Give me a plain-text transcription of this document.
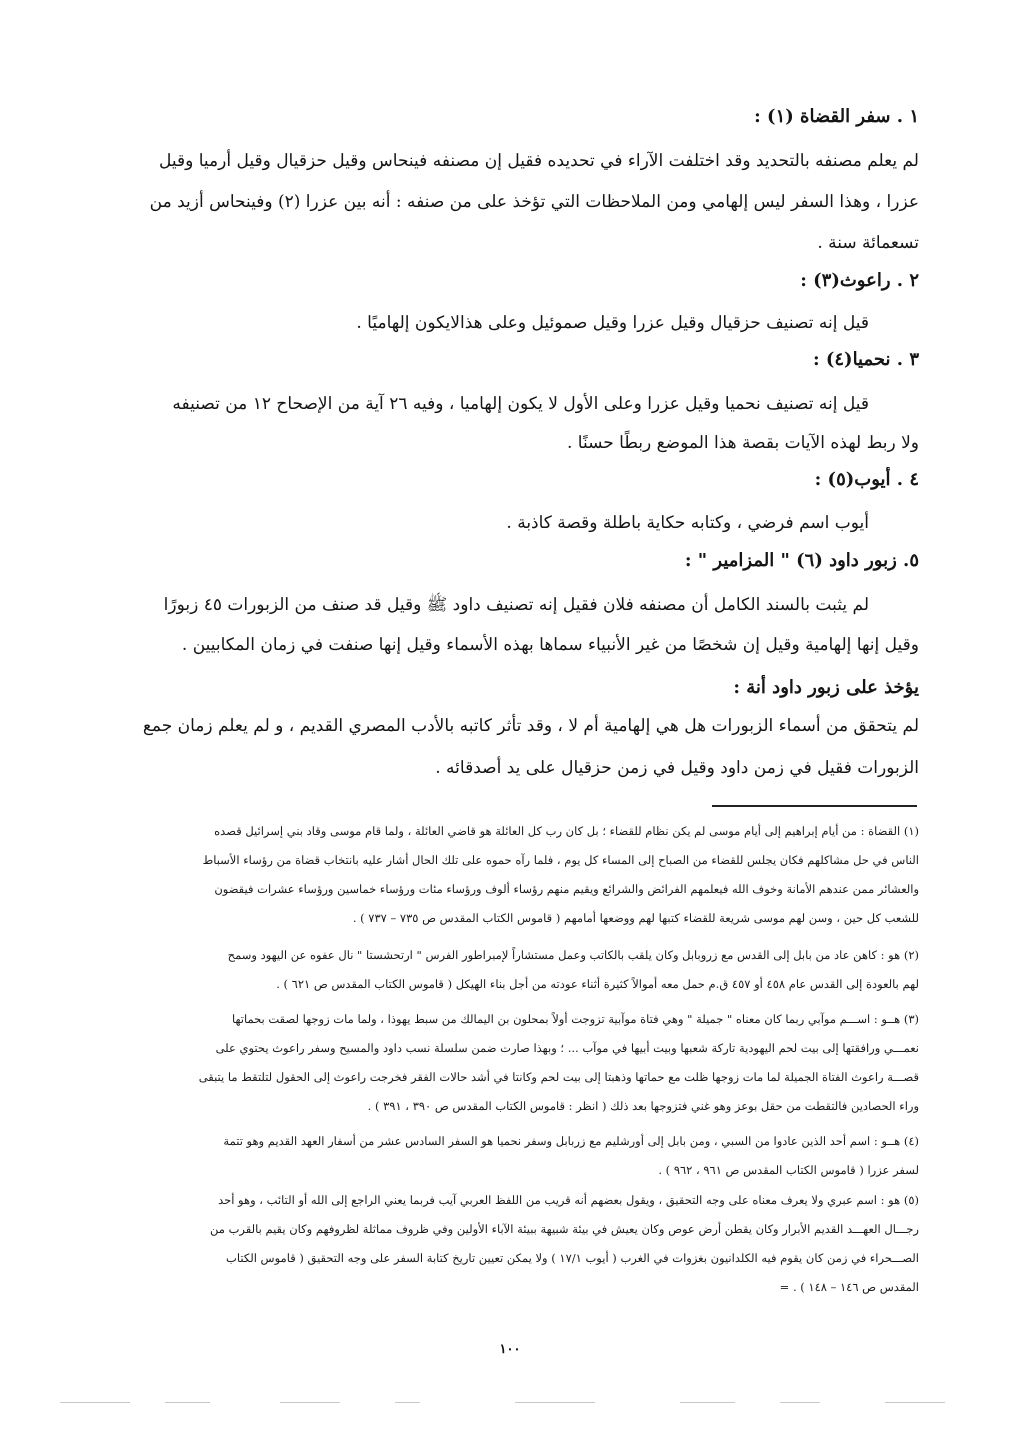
١ . سفر القضاة (١) :
لم يعلم مصنفه بالتحديد وقد اختلفت الآراء في تحديده فقيل إن مصنفه فينحاس وقيل حزقيال وقيل أرميا وقيل
عزرا ، وهذا السفر ليس إلهامي ومن الملاحظات التي تؤخذ على من صنفه : أنه بين عزرا (٢) وفينحاس أزيد من
تسعمائة سنة .
٢ . راعوث(٣) :
قيل إنه تصنيف حزقيال وقيل عزرا وقيل صموئيل وعلى هذالايكون إلهاميًا .
٣ . نحميا(٤) :
قيل إنه تصنيف نحميا وقيل عزرا وعلى الأول لا يكون إلهاميا ، وفيه ٢٦ آية من الإصحاح ١٢ من تصنيفه
ولا ربط لهذه الآيات بقصة هذا الموضع ربطًا حسنًا .
٤ . أيوب(٥) :
أيوب اسم فرضي ، وكتابه حكاية باطلة وقصة كاذبة .
٥. زبور داود (٦) " المزامير " :
لم يثبت بالسند الكامل أن مصنفه فلان فقيل إنه تصنيف داود ﷺ وقيل قد صنف من الزبورات ٤٥ زبورًا
وقيل إنها إلهامية وقيل إن شخصًا من غير الأنبياء سماها بهذه الأسماء وقيل إنها صنفت في زمان المكابيين .
يؤخذ على زبور داود أنة :
لم يتحقق من أسماء الزبورات هل هي إلهامية أم لا ، وقد تأثر كاتبه بالأدب المصري القديم ، و لم يعلم زمان جمع
الزبورات فقيل في زمن داود وقيل في زمن حزقيال على يد أصدقائه .
(١) القضاة : من أيام إبراهيم إلى أيام موسى لم يكن نظام للقضاء ؛ بل كان رب كل العائلة هو قاضي العائلة ، ولما قام موسى وقاد بني إسرائيل قصده
الناس في حل مشاكلهم فكان يجلس للقضاء من الصباح إلى المساء كل يوم ، فلما رآه حموه على تلك الحال أشار عليه بانتخاب قضاة من رؤساء الأسباط
والعشائر ممن عندهم الأمانة وخوف الله فيعلمهم الفرائض والشرائع ويقيم منهم رؤساء ألوف ورؤساء مئات ورؤساء خماسين ورؤساء عشرات فيقضون
للشعب كل حين ، وسن لهم موسى شريعة للقضاء كتبها لهم ووضعها أمامهم ( قاموس الكتاب المقدس ص ٧٣٥ – ٧٣٧ ) .
(٢) هو : كاهن عاد من بابل إلى القدس مع زروبابل وكان يلقب بالكاتب وعمل مستشاراً لإمبراطور الفرس " ارتحشستا " نال عفوه عن اليهود وسمح
لهم بالعودة إلى القدس عام ٤٥٨ أو ٤٥٧ ق.م حمل معه أموالاً كثيرة أثناء عودته من أجل بناء الهيكل ( قاموس الكتاب المقدس ص ٦٢١ ) .
(٣) هــو : اســـم موآبي ربما كان معناه " جميلة " وهي فتاة موآبية تزوجت أولاً بمحلون بن اليمالك من سبط يهوذا ، ولما مات زوجها لصقت بحماتها
نعمـــي ورافقتها إلى بيت لحم اليهودية تاركة شعبها وبيت أبيها في موآب ... ؛ وبهذا صارت ضمن سلسلة نسب داود والمسيح وسفر راعوث يحتوي على
قصـــة راعوث الفتاة الجميلة لما مات زوجها ظلت مع حماتها وذهبتا إلى بيت لحم وكانتا في أشد حالات الفقر فخرجت راعوث إلى الحقول لتلتقط ما يتبقى
وراء الحصادين فالتقطت من حقل بوعز وهو غني فتزوجها بعد ذلك ( انظر : قاموس الكتاب المقدس ص ٣٩٠ ، ٣٩١ ) .
(٤) هــو : اسم أحد الذين عادوا من السبي ، ومن بابل إلى أورشليم مع زربابل وسفر نحميا هو السفر السادس عشر من أسفار العهد القديم وهو تتمة
لسفر عزرا ( قاموس الكتاب المقدس ص ٩٦١ ، ٩٦٢ ) .
(٥) هو : اسم عبري ولا يعرف معناه على وجه التحقيق ، ويقول بعضهم أنه قريب من اللفظ العربي آيب فربما يعني الراجع إلى الله أو التائب ، وهو أحد
رجـــال العهـــد القديم الأبرار وكان يقطن أرض عوص وكان يعيش في بيئة شبيهة ببيئة الآباء الأولين وفي ظروف مماثلة لظروفهم وكان يقيم بالقرب من
الصـــحراء في زمن كان يقوم فيه الكلدانيون بغزوات في الغرب ( أيوب ١٧/١ ) ولا يمكن تعيين تاريخ كتابة السفر على وجه التحقيق ( قاموس الكتاب
المقدس ص ١٤٦ – ١٤٨ ) . =
١٠٠
